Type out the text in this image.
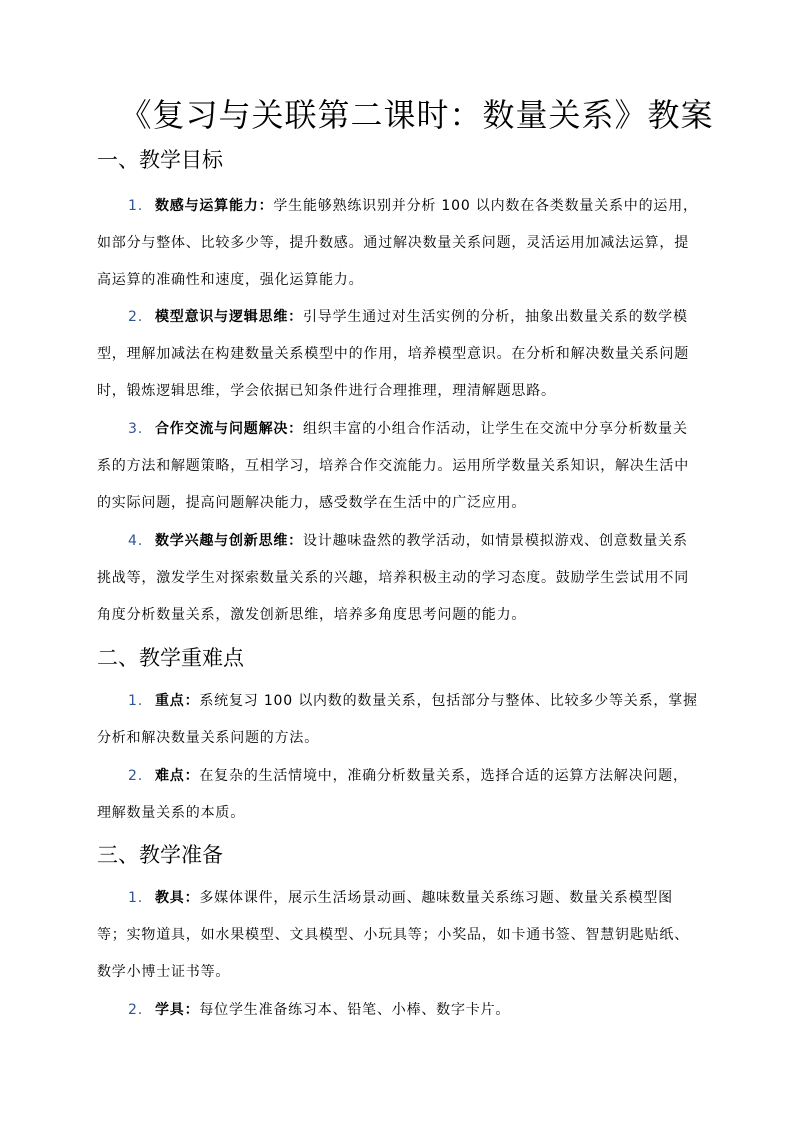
《复习与关联第二课时：数量关系》教案
一、教学目标
1. 数感与运算能力：学生能够熟练识别并分析 100 以内数在各类数量关系中的运用，如部分与整体、比较多少等，提升数感。通过解决数量关系问题，灵活运用加减法运算，提高运算的准确性和速度，强化运算能力。
2. 模型意识与逻辑思维：引导学生通过对生活实例的分析，抽象出数量关系的数学模型，理解加减法在构建数量关系模型中的作用，培养模型意识。在分析和解决数量关系问题时，锻炼逻辑思维，学会依据已知条件进行合理推理，理清解题思路。
3. 合作交流与问题解决：组织丰富的小组合作活动，让学生在交流中分享分析数量关系的方法和解题策略，互相学习，培养合作交流能力。运用所学数量关系知识，解决生活中的实际问题，提高问题解决能力，感受数学在生活中的广泛应用。
4. 数学兴趣与创新思维：设计趣味盎然的教学活动，如情景模拟游戏、创意数量关系挑战等，激发学生对探索数量关系的兴趣，培养积极主动的学习态度。鼓励学生尝试用不同角度分析数量关系，激发创新思维，培养多角度思考问题的能力。
二、教学重难点
1. 重点：系统复习 100 以内数的数量关系，包括部分与整体、比较多少等关系，掌握分析和解决数量关系问题的方法。
2. 难点：在复杂的生活情境中，准确分析数量关系，选择合适的运算方法解决问题，理解数量关系的本质。
三、教学准备
1. 教具：多媒体课件，展示生活场景动画、趣味数量关系练习题、数量关系模型图等；实物道具，如水果模型、文具模型、小玩具等；小奖品，如卡通书签、智慧钥匙贴纸、数学小博士证书等。
2. 学具：每位学生准备练习本、铅笔、小棒、数字卡片。
